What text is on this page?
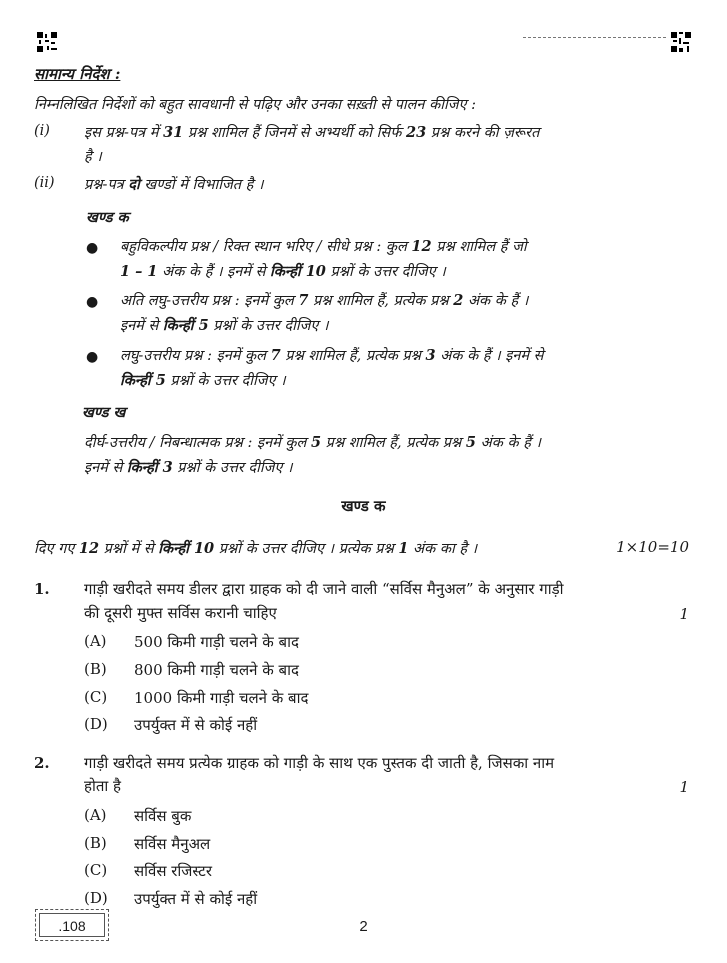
सामान्य निर्देश :
निम्नलिखित निर्देशों को बहुत सावधानी से पढ़िए और उनका सख़्ती से पालन कीजिए :
(i) इस प्रश्न-पत्र में 31 प्रश्न शामिल हैं जिनमें से अभ्यर्थी को सिर्फ 23 प्रश्न करने की ज़रूरत
है ।
(ii) प्रश्न-पत्र दो खण्डों में विभाजित है ।
खण्ड क
● बहुविकल्पीय प्रश्न / रिक्त स्थान भरिए / सीधे प्रश्न : कुल 12 प्रश्न शामिल हैं जो
1 – 1 अंक के हैं । इनमें से किन्हीं 10 प्रश्नों के उत्तर दीजिए ।
● अति लघु-उत्तरीय प्रश्न : इनमें कुल 7 प्रश्न शामिल हैं, प्रत्येक प्रश्न 2 अंक के हैं ।
इनमें से किन्हीं 5 प्रश्नों के उत्तर दीजिए ।
● लघु-उत्तरीय प्रश्न : इनमें कुल 7 प्रश्न शामिल हैं, प्रत्येक प्रश्न 3 अंक के हैं । इनमें से
किन्हीं 5 प्रश्नों के उत्तर दीजिए ।
खण्ड ख
दीर्घ-उत्तरीय / निबन्धात्मक प्रश्न : इनमें कुल 5 प्रश्न शामिल हैं, प्रत्येक प्रश्न 5 अंक के हैं ।
इनमें से किन्हीं 3 प्रश्नों के उत्तर दीजिए ।
खण्ड क
दिए गए 12 प्रश्नों में से किन्हीं 10 प्रश्नों के उत्तर दीजिए । प्रत्येक प्रश्न 1 अंक का है ।	1×10=10
1. गाड़ी खरीदते समय डीलर द्वारा ग्राहक को दी जाने वाली “सर्विस मैनुअल” के अनुसार गाड़ी
की दूसरी मुफ्त सर्विस करानी चाहिए	1
(A) 500 किमी गाड़ी चलने के बाद
(B) 800 किमी गाड़ी चलने के बाद
(C) 1000 किमी गाड़ी चलने के बाद
(D) उपर्युक्त में से कोई नहीं
2. गाड़ी खरीदते समय प्रत्येक ग्राहक को गाड़ी के साथ एक पुस्तक दी जाती है, जिसका नाम
होता है	1
(A) सर्विस बुक
(B) सर्विस मैनुअल
(C) सर्विस रजिस्टर
(D) उपर्युक्त में से कोई नहीं
.108	2
